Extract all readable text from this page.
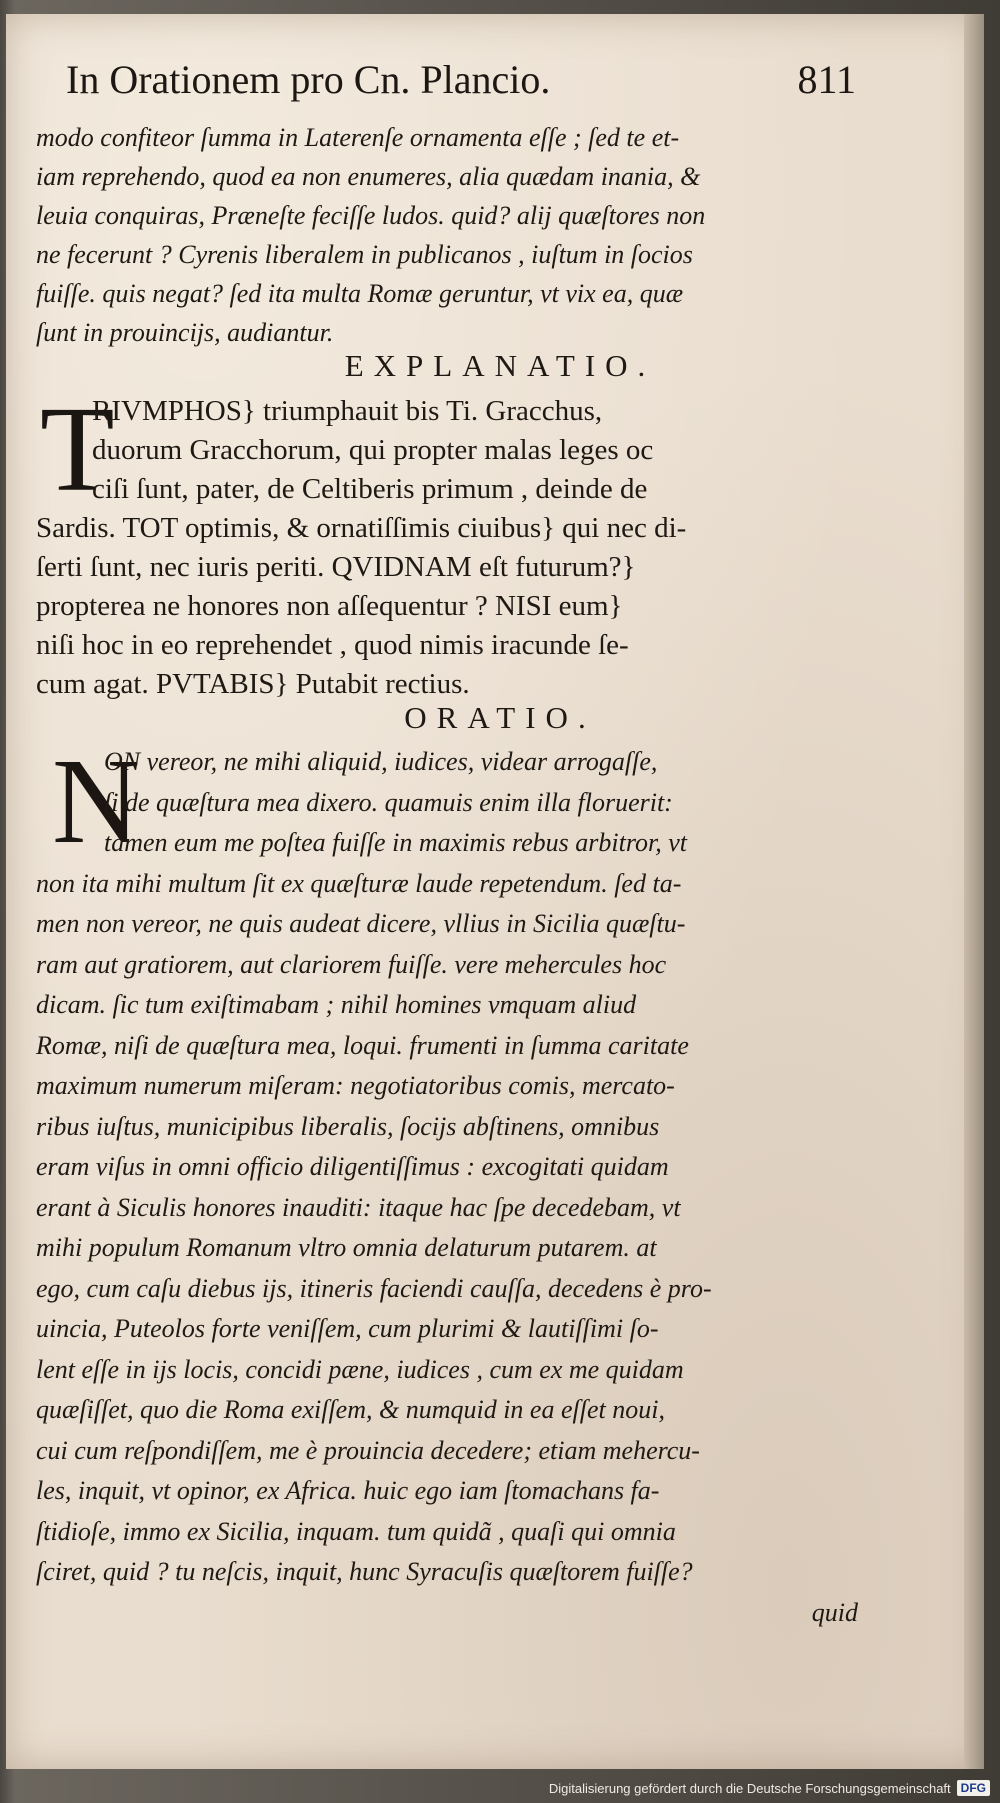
In Orationem pro Cn. Plancio.	811
modo confiteor ſumma in Laterenſe ornamenta eſſe ; ſed te et-
iam reprehendo, quod ea non enumeres, alia quædam inania, &
leuia conquiras, Præneſte feciſſe ludos. quid? alij quæſtores non
ne fecerunt ? Cyrenis liberalem in publicanos , iuſtum in ſocios
fuiſſe. quis negat? ſed ita multa Romæ geruntur, vt vix ea, quæ
ſunt in prouincijs, audiantur.
EXPLANATIO.
T
RIVMPHOS} triumphauit bis Ti. Gracchus,
duorum Gracchorum, qui propter malas leges oc
ciſi ſunt, pater, de Celtiberis primum , deinde de
Sardis. TOT optimis, & ornatiſſimis ciuibus} qui nec di-
ſerti ſunt, nec iuris periti. QVIDNAM eſt futurum?}
propterea ne honores non aſſequentur ? NISI eum}
niſi hoc in eo reprehendet , quod nimis iracunde ſe-
cum agat. PVTABIS} Putabit rectius.
ORATIO.
N
ON vereor, ne mihi aliquid, iudices, videar arrogaſſe,
ſi de quæſtura mea dixero. quamuis enim illa floruerit:
tamen eum me poſtea fuiſſe in maximis rebus arbitror, vt
non ita mihi multum ſit ex quæſturæ laude repetendum. ſed ta-
men non vereor, ne quis audeat dicere, vllius in Sicilia quæſtu-
ram aut gratiorem, aut clariorem fuiſſe. vere mehercules hoc
dicam. ſic tum exiſtimabam ; nihil homines vmquam aliud
Romæ, niſi de quæſtura mea, loqui. frumenti in ſumma caritate
maximum numerum miſeram: negotiatoribus comis, mercato-
ribus iuſtus, municipibus liberalis, ſocijs abſtinens, omnibus
eram viſus in omni officio diligentiſſimus : excogitati quidam
erant à Siculis honores inauditi: itaque hac ſpe decedebam, vt
mihi populum Romanum vltro omnia delaturum putarem. at
ego, cum caſu diebus ijs, itineris faciendi cauſſa, decedens è pro-
uincia, Puteolos forte veniſſem, cum plurimi & lautiſſimi ſo-
lent eſſe in ijs locis, concidi pæne, iudices , cum ex me quidam
quæſiſſet, quo die Roma exiſſem, & numquid in ea eſſet noui,
cui cum reſpondiſſem, me è prouincia decedere; etiam mehercu-
les, inquit, vt opinor, ex Africa. huic ego iam ſtomachans fa-
ſtidioſe, immo ex Sicilia, inquam. tum quidã , quaſi qui omnia
ſciret, quid ? tu neſcis, inquit, hunc Syracuſis quæſtorem fuiſſe?
quid
Digitalisierung gefördert durch die Deutsche Forschungsgemeinschaft DFG
